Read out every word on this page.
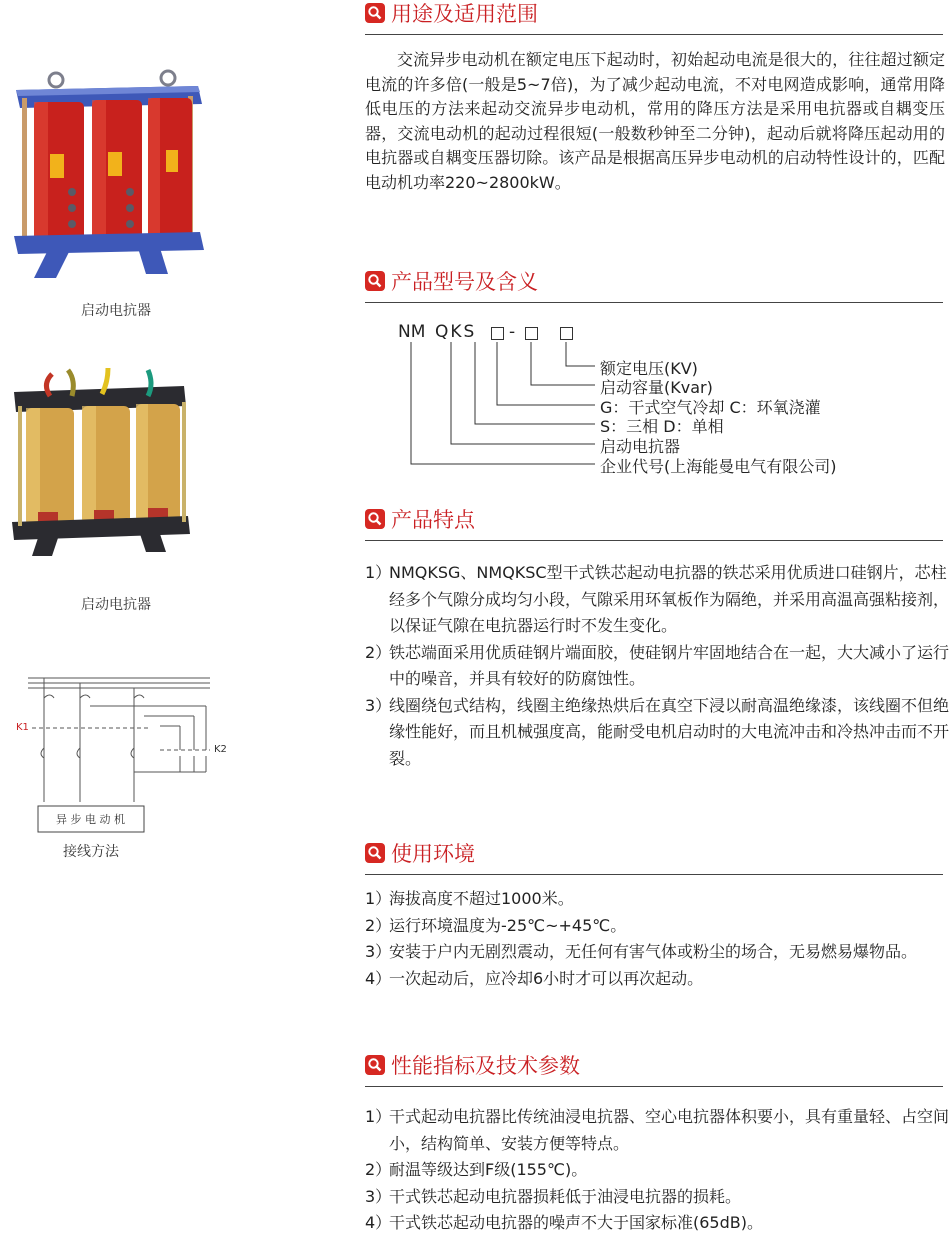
启动电抗器
启动电抗器
K1
K2
异 步 电 动 机
接线方法
用途及适用范围

交流异步电动机在额定电压下起动时，初始起动电流是很大的，往往超过额定电流的许多倍(一般是5~7倍)，为了减少起动电流，不对电网造成影响，通常用降低电压的方法来起动交流异步电动机，常用的降压方法是采用电抗器或自耦变压器，交流电动机的起动过程很短(一般数秒钟至二分钟)，起动后就将降压起动用的电抗器或自耦变压器切除。该产品是根据高压异步电动机的启动特性设计的，匹配电动机功率220~2800kW。

产品型号及含义
NM QKS -
额定电压(KV)
启动容量(Kvar)
G：干式空气冷却 C：环氧浇灌
S：三相 D：单相
启动电抗器
企业代号(上海能曼电气有限公司)
产品特点
1）
NMQKSG、NMQKSC型干式铁芯起动电抗器的铁芯采用优质进口硅钢片，芯柱经多个气隙分成均匀小段，气隙采用环氧板作为隔绝，并采用高温高强粘接剂，以保证气隙在电抗器运行时不发生变化。
2）
铁芯端面采用优质硅钢片端面胶，使硅钢片牢固地结合在一起，大大减小了运行中的噪音，并具有较好的防腐蚀性。
3）
线圈绕包式结构，线圈主绝缘热烘后在真空下浸以耐高温绝缘漆，该线圈不但绝缘性能好，而且机械强度高，能耐受电机启动时的大电流冲击和冷热冲击而不开裂。
使用环境
1）
海拔高度不超过1000米。
2）
运行环境温度为-25℃~+45℃。
3）
安装于户内无剧烈震动，无任何有害气体或粉尘的场合，无易燃易爆物品。
4）
一次起动后，应冷却6小时才可以再次起动。
性能指标及技术参数
1）
干式起动电抗器比传统油浸电抗器、空心电抗器体积要小，具有重量轻、占空间小，结构简单、安装方便等特点。
2）
耐温等级达到F级(155℃)。
3）
干式铁芯起动电抗器损耗低于油浸电抗器的损耗。
4）
干式铁芯起动电抗器的噪声不大于国家标准(65dB)。
